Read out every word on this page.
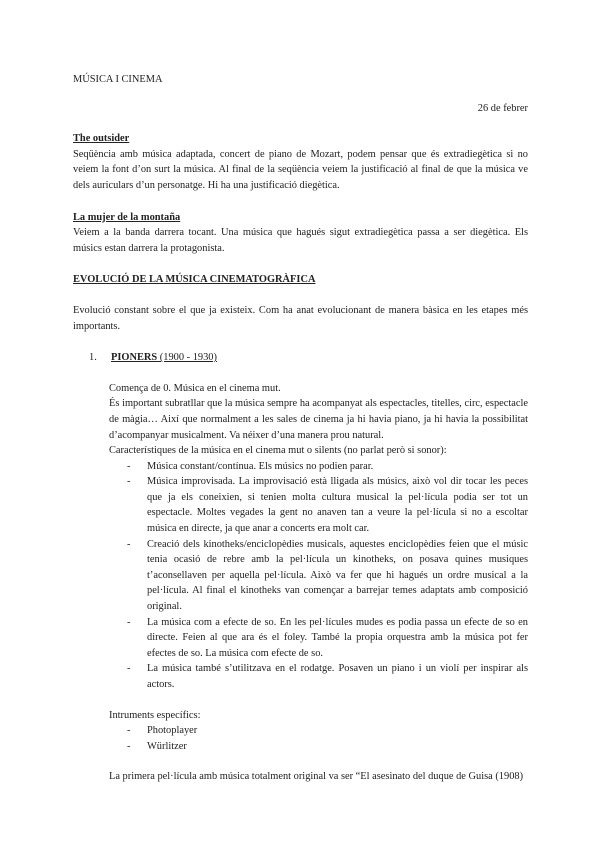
MÚSICA I CINEMA

26 de febrer

The outsider

Seqüència amb música adaptada, concert de piano de Mozart, podem pensar que és extradiegètica si no veiem la font d’on surt la música. Al final de la seqüència veiem la justificació al final de que la música ve dels auriculars d’un personatge. Hi ha una justificació diegètica.

La mujer de la montaña

Veiem a la banda darrera tocant. Una música que hagués sigut extradiegètica passa a ser diegètica. Els músics estan darrera la protagonista.

EVOLUCIÓ DE LA MÚSICA CINEMATOGRÀFICA

Evolució constant sobre el que ja existeix. Com ha anat evolucionant de manera bàsica en les etapes més importants.

1.	PIONERS (1900 - 1930)

Comença de 0. Música en el cinema mut.

És important subratllar que la música sempre ha acompanyat als espectacles, titelles, circ, espectacle de màgia… Així que normalment a les sales de cinema ja hi havia piano, ja hi havia la possibilitat d’acompanyar musicalment. Va néixer d’una manera prou natural.

Característiques de la música en el cinema mut o silents (no parlat però si sonor):

-	Música constant/contínua. Els músics no podien parar.
-	Música improvisada. La improvisació està lligada als músics, això vol dir tocar les peces que ja els coneixien, si tenien molta cultura musical la pel·lícula podia ser tot un espectacle. Moltes vegades la gent no anaven tan a veure la pel·lícula si no a escoltar música en directe, ja que anar a concerts era molt car.
-	Creació dels kinotheks/enciclopèdies musicals, aquestes enciclopèdies feien que el músic tenia ocasió de rebre amb la pel·lícula un kinotheks, on posava quines musiques t’aconsellaven per aquella pel·lícula. Això va fer que hi hagués un ordre musical a la pel·lícula. Al final el kinotheks van començar a barrejar temes adaptats amb composició original.
-	La música com a efecte de so. En les pel·lícules mudes es podia passa un efecte de so en directe. Feien al que ara és el foley. També la propia orquestra amb la música pot fer efectes de so. La música com efecte de so.
-	La música també s’utilitzava en el rodatge. Posaven un piano i un violí per inspirar als actors.

Intruments específics:

-	Photoplayer
-	Würlitzer

La primera pel·lícula amb música totalment original va ser “El asesinato del duque de Guisa (1908)
